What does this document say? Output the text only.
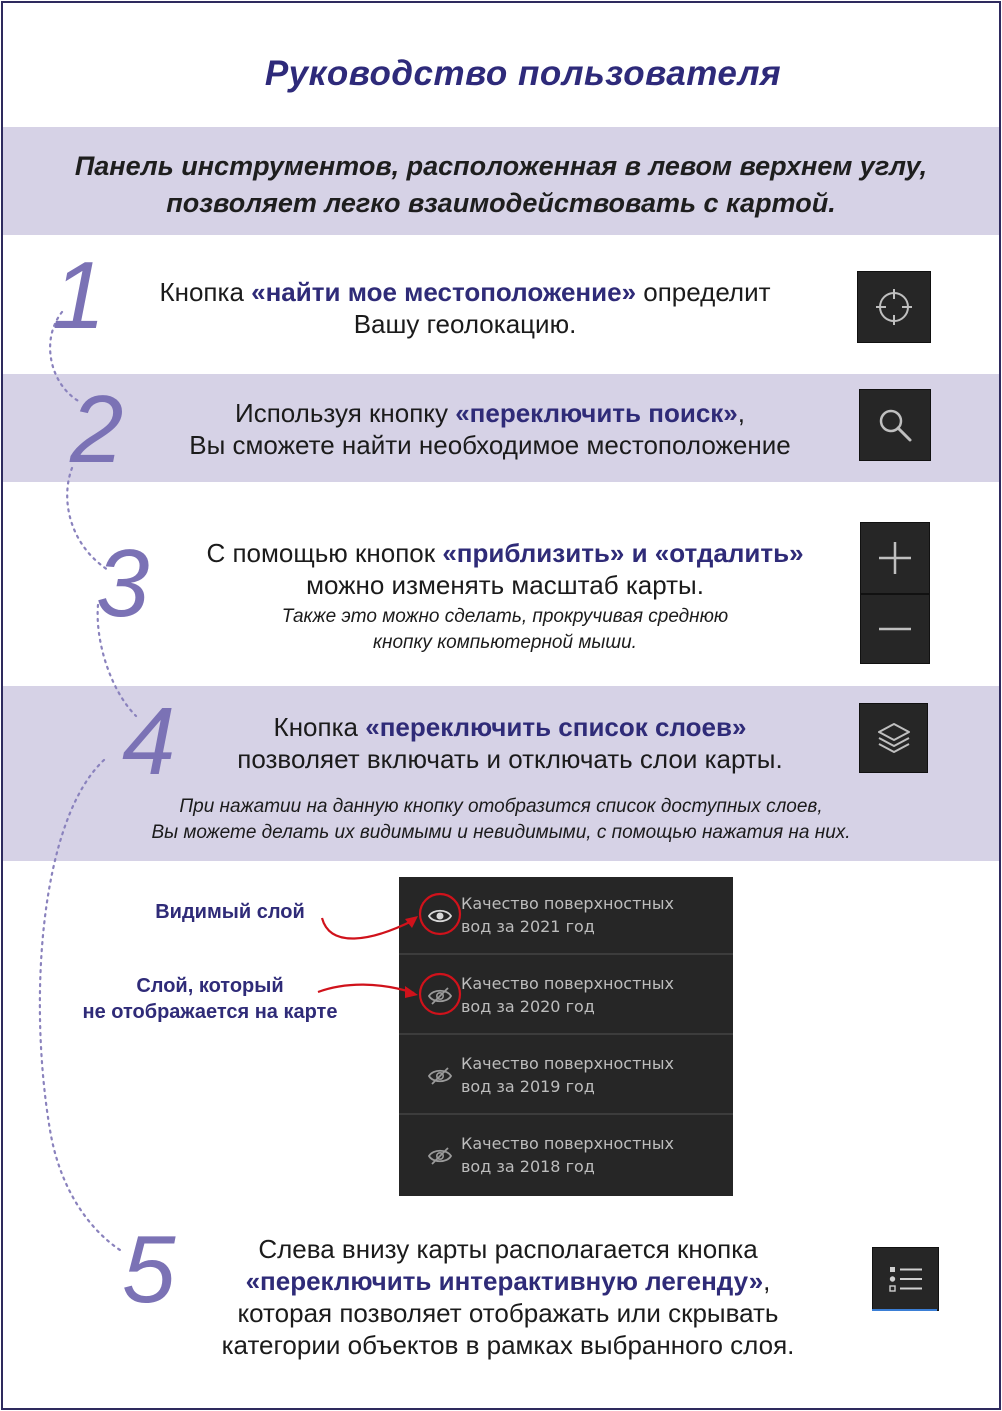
Руководство пользователя
Панель инструментов, расположенная в левом верхнем углу,
позволяет легко взаимодействовать с картой.
1	Кнопка «найти мое местоположение» определит
Вашу геолокацию.
2	Используя кнопку «переключить поиск»,
Вы сможете найти необходимое местоположение
3	С помощью кнопок «приблизить» и «отдалить»
можно изменять масштаб карты.
Также это можно сделать, прокручивая среднюю
кнопку компьютерной мыши.
4	Кнопка «переключить список слоев»
позволяет включать и отключать слои карты.
При нажатии на данную кнопку отобразится список доступных слоев,
Вы можете делать их видимыми и невидимыми, с помощью нажатия на них.
Качество поверхностных
вод за 2021 год
Качество поверхностных
вод за 2020 год
Качество поверхностных
вод за 2019 год
Качество поверхностных
вод за 2018 год
Видимый слой
Слой, который
не отображается на карте
5	Слева внизу карты располагается кнопка
«переключить интерактивную легенду»,
которая позволяет отображать или скрывать
категории объектов в рамках выбранного слоя.
